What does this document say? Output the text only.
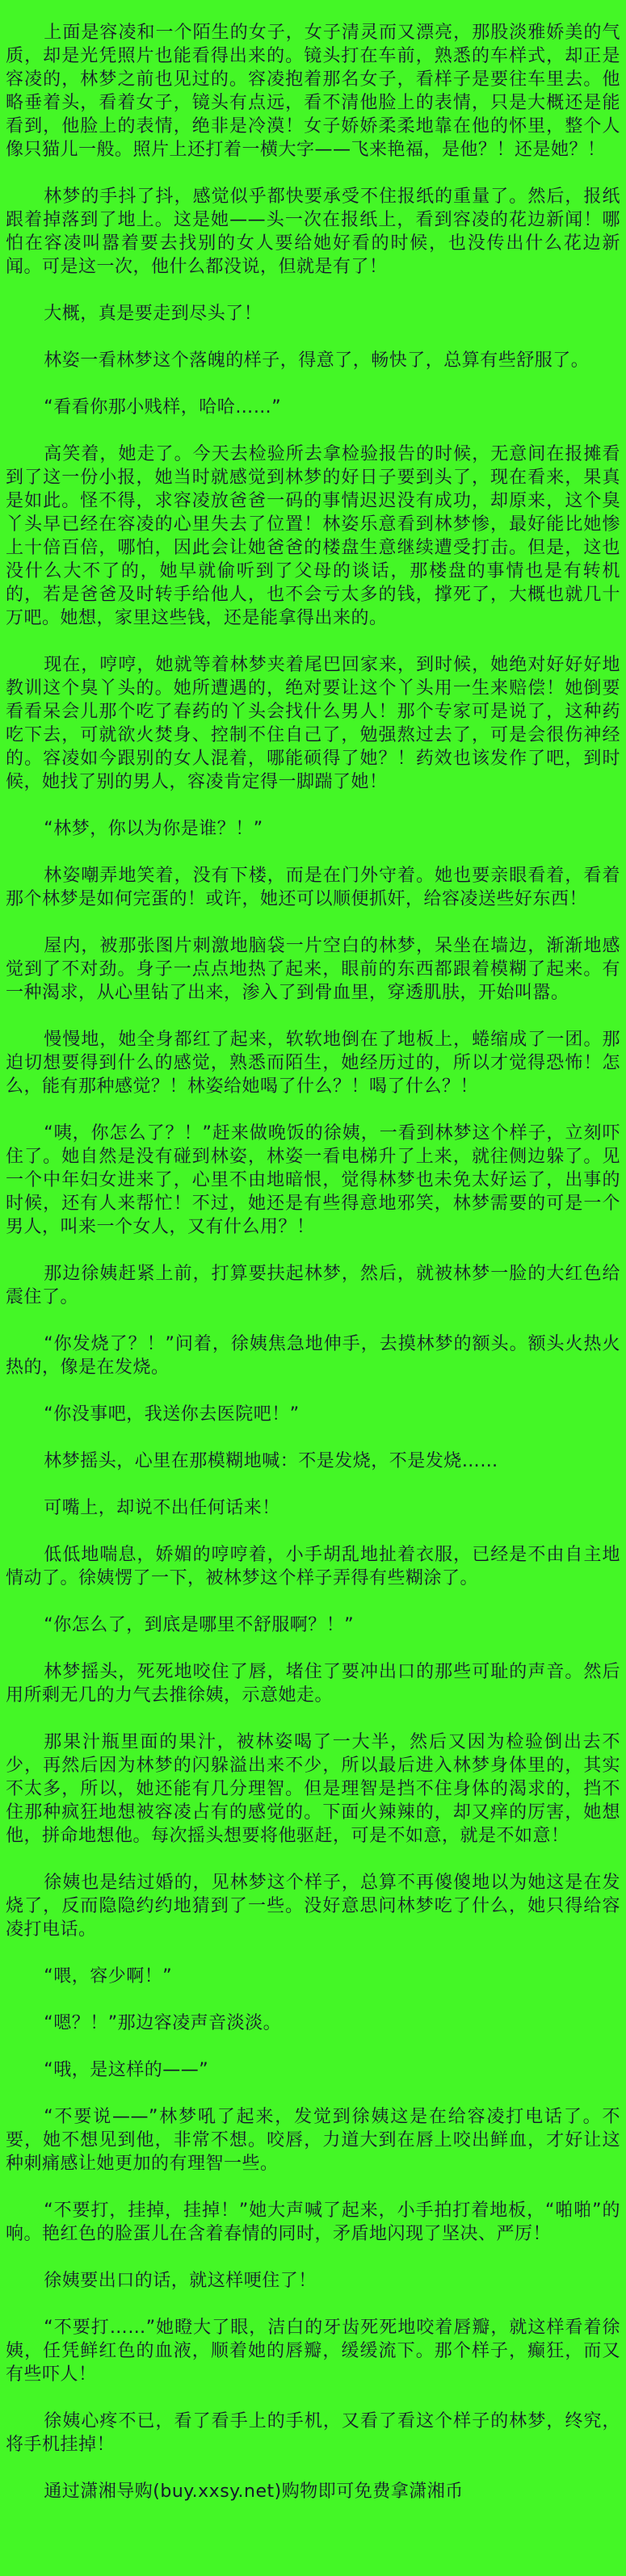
上面是容凌和一个陌生的女子，女子清灵而又漂亮，那股淡雅娇美的气质，却是光凭照片也能看得出来的。镜头打在车前，熟悉的车样式，却正是容凌的，林梦之前也见过的。容凌抱着那名女子，看样子是要往车里去。他略垂着头，看着女子，镜头有点远，看不清他脸上的表情，只是大概还是能看到，他脸上的表情，绝非是冷漠！女子娇娇柔柔地靠在他的怀里，整个人像只猫儿一般。照片上还打着一横大字——飞来艳福，是他？！还是她？！

林梦的手抖了抖，感觉似乎都快要承受不住报纸的重量了。然后，报纸跟着掉落到了地上。这是她——头一次在报纸上，看到容凌的花边新闻！哪怕在容凌叫嚣着要去找别的女人要给她好看的时候，也没传出什么花边新闻。可是这一次，他什么都没说，但就是有了！

大概，真是要走到尽头了！

林姿一看林梦这个落魄的样子，得意了，畅快了，总算有些舒服了。

“看看你那小贱样，哈哈……”

高笑着，她走了。今天去检验所去拿检验报告的时候，无意间在报摊看到了这一份小报，她当时就感觉到林梦的好日子要到头了，现在看来，果真是如此。怪不得，求容凌放爸爸一码的事情迟迟没有成功，却原来，这个臭丫头早已经在容凌的心里失去了位置！林姿乐意看到林梦惨，最好能比她惨上十倍百倍，哪怕，因此会让她爸爸的楼盘生意继续遭受打击。但是，这也没什么大不了的，她早就偷听到了父母的谈话，那楼盘的事情也是有转机的，若是爸爸及时转手给他人，也不会亏太多的钱，撑死了，大概也就几十万吧。她想，家里这些钱，还是能拿得出来的。

现在，哼哼，她就等着林梦夹着尾巴回家来，到时候，她绝对好好好地教训这个臭丫头的。她所遭遇的，绝对要让这个丫头用一生来赔偿！她倒要看看呆会儿那个吃了春药的丫头会找什么男人！那个专家可是说了，这种药吃下去，可就欲火焚身、控制不住自己了，勉强熬过去了，可是会很伤神经的。容凌如今跟别的女人混着，哪能硕得了她？！药效也该发作了吧，到时候，她找了别的男人，容凌肯定得一脚踹了她！

“林梦，你以为你是谁？！”

林姿嘲弄地笑着，没有下楼，而是在门外守着。她也要亲眼看着，看着那个林梦是如何完蛋的！或许，她还可以顺便抓奸，给容凌送些好东西！

屋内，被那张图片刺激地脑袋一片空白的林梦，呆坐在墙边，渐渐地感觉到了不对劲。身子一点点地热了起来，眼前的东西都跟着模糊了起来。有一种渴求，从心里钻了出来，渗入了到骨血里，穿透肌肤，开始叫嚣。

慢慢地，她全身都红了起来，软软地倒在了地板上，蜷缩成了一团。那迫切想要得到什么的感觉，熟悉而陌生，她经历过的，所以才觉得恐怖！怎么，能有那种感觉？！林姿给她喝了什么？！喝了什么？！

“咦，你怎么了？！”赶来做晚饭的徐姨，一看到林梦这个样子，立刻吓住了。她自然是没有碰到林姿，林姿一看电梯升了上来，就往侧边躲了。见一个中年妇女进来了，心里不由地暗恨，觉得林梦也未免太好运了，出事的时候，还有人来帮忙！不过，她还是有些得意地邪笑，林梦需要的可是一个男人，叫来一个女人，又有什么用？！

那边徐姨赶紧上前，打算要扶起林梦，然后，就被林梦一脸的大红色给震住了。

“你发烧了？！”问着，徐姨焦急地伸手，去摸林梦的额头。额头火热火热的，像是在发烧。

“你没事吧，我送你去医院吧！”

林梦摇头，心里在那模糊地喊：不是发烧，不是发烧……

可嘴上，却说不出任何话来！

低低地喘息，娇媚的哼哼着，小手胡乱地扯着衣服，已经是不由自主地情动了。徐姨愣了一下，被林梦这个样子弄得有些糊涂了。

“你怎么了，到底是哪里不舒服啊？！”

林梦摇头，死死地咬住了唇，堵住了要冲出口的那些可耻的声音。然后用所剩无几的力气去推徐姨，示意她走。

那果汁瓶里面的果汁，被林姿喝了一大半，然后又因为检验倒出去不少，再然后因为林梦的闪躲溢出来不少，所以最后进入林梦身体里的，其实不太多，所以，她还能有几分理智。但是理智是挡不住身体的渴求的，挡不住那种疯狂地想被容凌占有的感觉的。下面火辣辣的，却又痒的厉害，她想他，拼命地想他。每次摇头想要将他驱赶，可是不如意，就是不如意！

徐姨也是结过婚的，见林梦这个样子，总算不再傻傻地以为她这是在发烧了，反而隐隐约约地猜到了一些。没好意思问林梦吃了什么，她只得给容凌打电话。

“喂，容少啊！”

“嗯？！”那边容凌声音淡淡。

“哦，是这样的——”

“不要说——”林梦吼了起来，发觉到徐姨这是在给容凌打电话了。不要，她不想见到他，非常不想。咬唇，力道大到在唇上咬出鲜血，才好让这种刺痛感让她更加的有理智一些。

“不要打，挂掉，挂掉！”她大声喊了起来，小手拍打着地板，“啪啪”的响。艳红色的脸蛋儿在含着春情的同时，矛盾地闪现了坚决、严厉！

徐姨要出口的话，就这样哽住了！

“不要打……”她瞪大了眼，洁白的牙齿死死地咬着唇瓣，就这样看着徐姨，任凭鲜红色的血液，顺着她的唇瓣，缓缓流下。那个样子，癫狂，而又有些吓人！

徐姨心疼不已，看了看手上的手机，又看了看这个样子的林梦，终究，将手机挂掉！

通过潇湘导购(buy.xxsy.net)购物即可免费拿潇湘币
